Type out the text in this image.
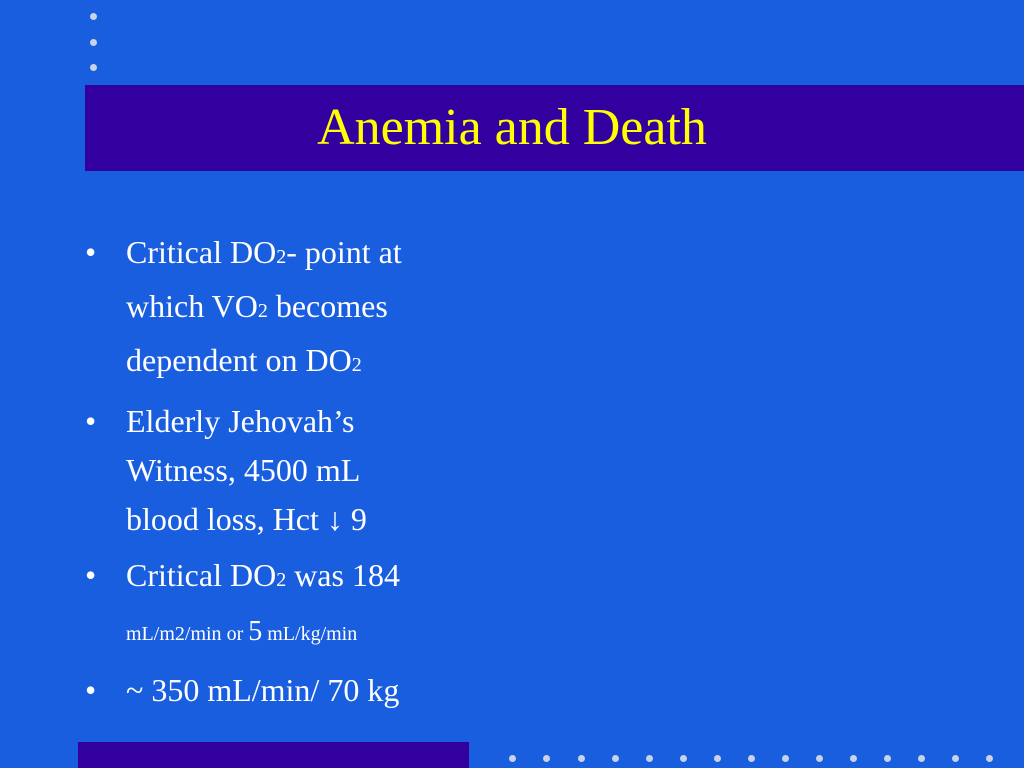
Anemia and Death
• Critical DO2- point at
which VO2 becomes
dependent on DO2
• Elderly Jehovah’s
Witness, 4500 mL
blood loss, Hct ↓ 9
• Critical DO2 was 184
mL/m2/min or 5 mL/kg/min
• ~ 350 mL/min/ 70 kg
